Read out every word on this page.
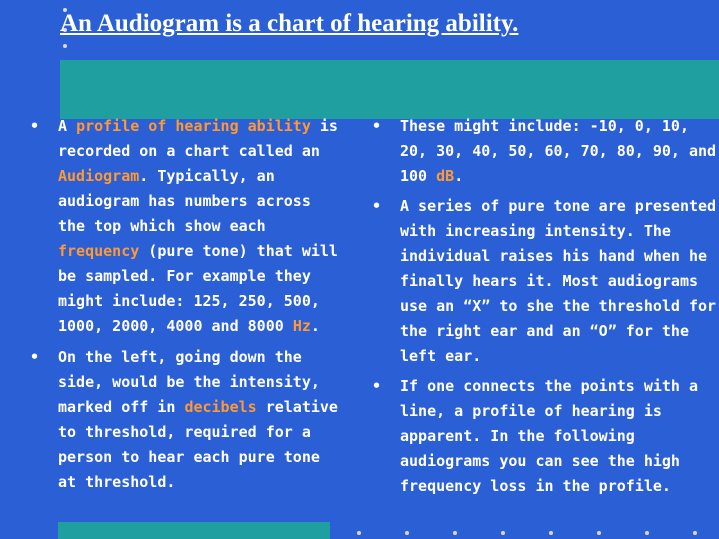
An Audiogram is a chart of hearing ability.
• A profile of hearing ability is recorded on a chart called an Audiogram. Typically, an audiogram has numbers across the top which show each frequency (pure tone) that will be sampled. For example they might include: 125, 250, 500, 1000, 2000, 4000 and 8000 Hz.
• On the left, going down the side, would be the intensity, marked off in decibels relative to threshold, required for a person to hear each pure tone at threshold.
• These might include: -10, 0, 10, 20, 30, 40, 50, 60, 70, 80, 90, and 100 dB.
• A series of pure tone are presented with increasing intensity. The individual raises his hand when he finally hears it. Most audiograms use an “X” to she the threshold for the right ear and an “O” for the left ear.
• If one connects the points with a line, a profile of hearing is apparent. In the following audiograms you can see the high frequency loss in the profile.
